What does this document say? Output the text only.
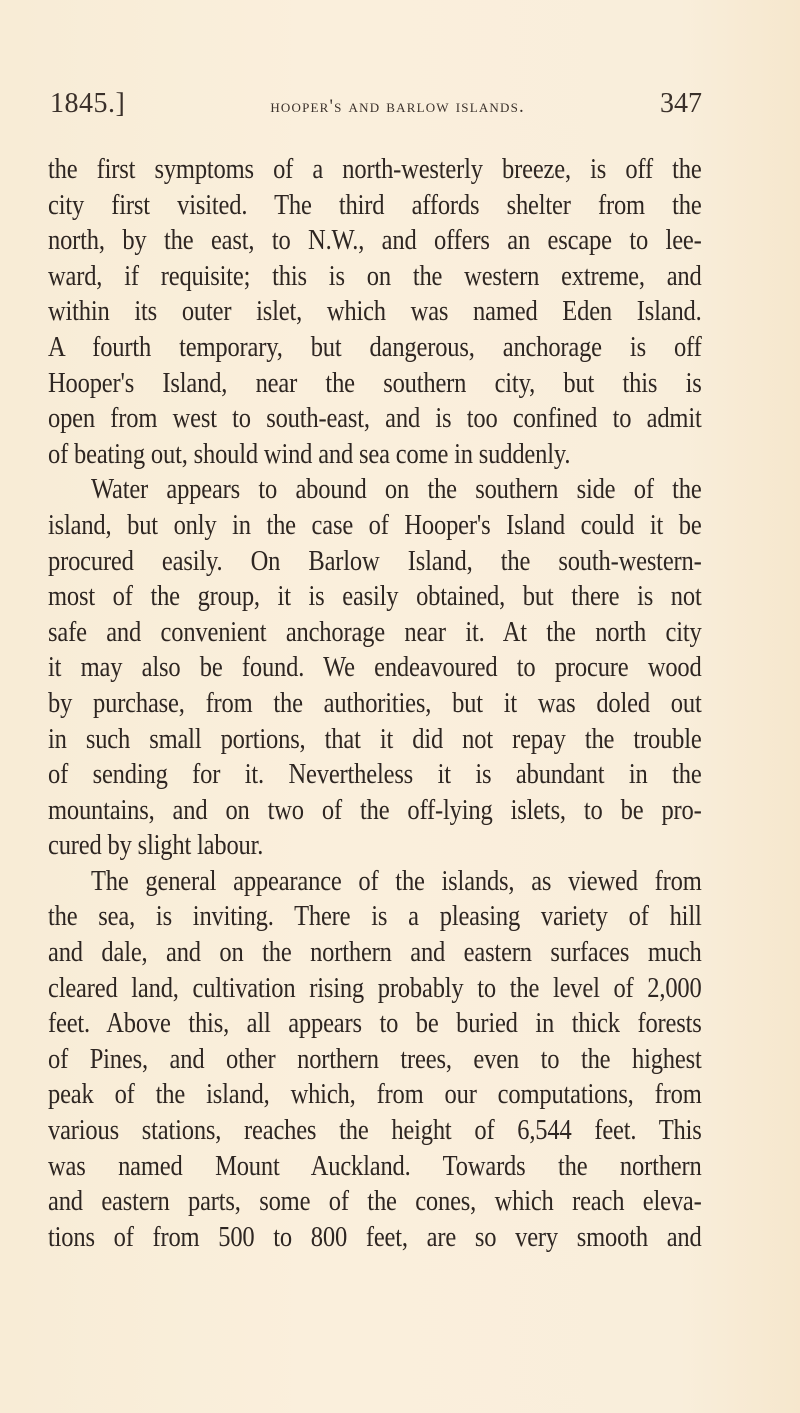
1845.]	hooper's and barlow islands.	347
the first symptoms of a north-westerly breeze, is off the
city first visited. The third affords shelter from the
north, by the east, to N.W., and offers an escape to lee-
ward, if requisite; this is on the western extreme, and
within its outer islet, which was named Eden Island.
A fourth temporary, but dangerous, anchorage is off
Hooper's Island, near the southern city, but this is
open from west to south-east, and is too confined to admit
of beating out, should wind and sea come in suddenly.
Water appears to abound on the southern side of the
island, but only in the case of Hooper's Island could it be
procured easily. On Barlow Island, the south-western-
most of the group, it is easily obtained, but there is not
safe and convenient anchorage near it. At the north city
it may also be found. We endeavoured to procure wood
by purchase, from the authorities, but it was doled out
in such small portions, that it did not repay the trouble
of sending for it. Nevertheless it is abundant in the
mountains, and on two of the off-lying islets, to be pro-
cured by slight labour.
The general appearance of the islands, as viewed from
the sea, is inviting. There is a pleasing variety of hill
and dale, and on the northern and eastern surfaces much
cleared land, cultivation rising probably to the level of 2,000
feet. Above this, all appears to be buried in thick forests
of Pines, and other northern trees, even to the highest
peak of the island, which, from our computations, from
various stations, reaches the height of 6,544 feet. This
was named Mount Auckland. Towards the northern
and eastern parts, some of the cones, which reach eleva-
tions of from 500 to 800 feet, are so very smooth and
